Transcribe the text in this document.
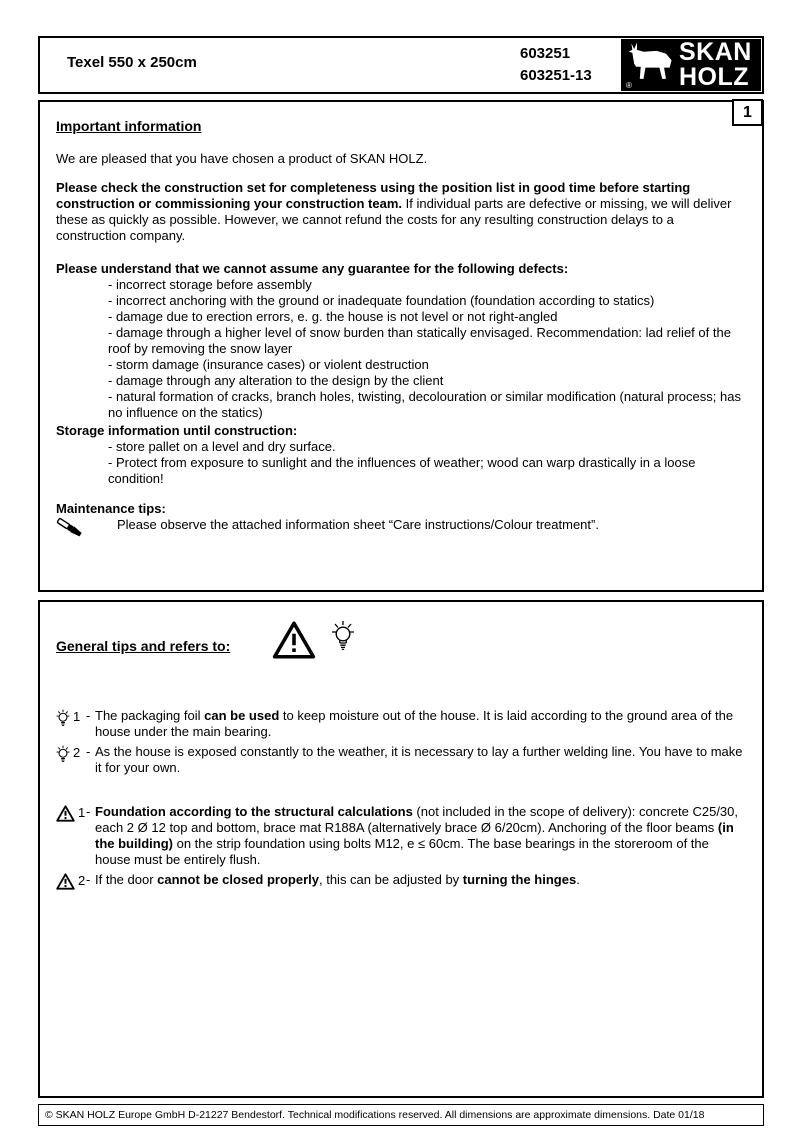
Texel 550 x 250cm
603251
603251-13
SKAN
HOLZ
®
1
Important information

We are pleased that you have chosen a product of SKAN HOLZ.

Please check the construction set for completeness using the position list in good time before starting construction or commissioning your construction team. If individual parts are defective or missing, we will deliver these as quickly as possible. However, we cannot refund the costs for any resulting construction delays to a construction company.

Please understand that we cannot assume any guarantee for the following defects:

- incorrect storage before assembly
- incorrect anchoring with the ground or inadequate foundation (foundation according to statics)
- damage due to erection errors, e. g. the house is not level or not right-angled
- damage through a higher level of snow burden than statically envisaged. Recommendation: lad relief of the roof by removing the snow layer
- storm damage (insurance cases) or violent destruction
- damage through any alteration to the design by the client
- natural formation of cracks, branch holes, twisting, decolouration or similar modification (natural process; has no influence on the statics)

Storage information until construction:

- store pallet on a level and dry surface.
- Protect from exposure to sunlight and the influences of weather; wood can warp drastically in a loose condition!

Maintenance tips:

Please observe the attached information sheet “Care instructions/Colour treatment”.

General tips and refers to:
1 - The packaging foil can be used to keep moisture out of the house. It is laid according to the ground area of the house under the main bearing.

2 - As the house is exposed constantly to the weather, it is necessary to lay a further welding line. You have to make it for your own.

1 - Foundation according to the structural calculations (not included in the scope of delivery): concrete C25/30, each 2 Ø 12 top and bottom, brace mat R188A (alternatively brace Ø 6/20cm). Anchoring of the floor beams (in the building) on the strip foundation using bolts M12, e ≤ 60cm. The base bearings in the storeroom of the house must be entirely flush.

2 - If the door cannot be closed properly, this can be adjusted by turning the hinges.

© SKAN HOLZ Europe GmbH D-21227 Bendestorf. Technical modifications reserved. All dimensions are approximate dimensions. Date 01/18
